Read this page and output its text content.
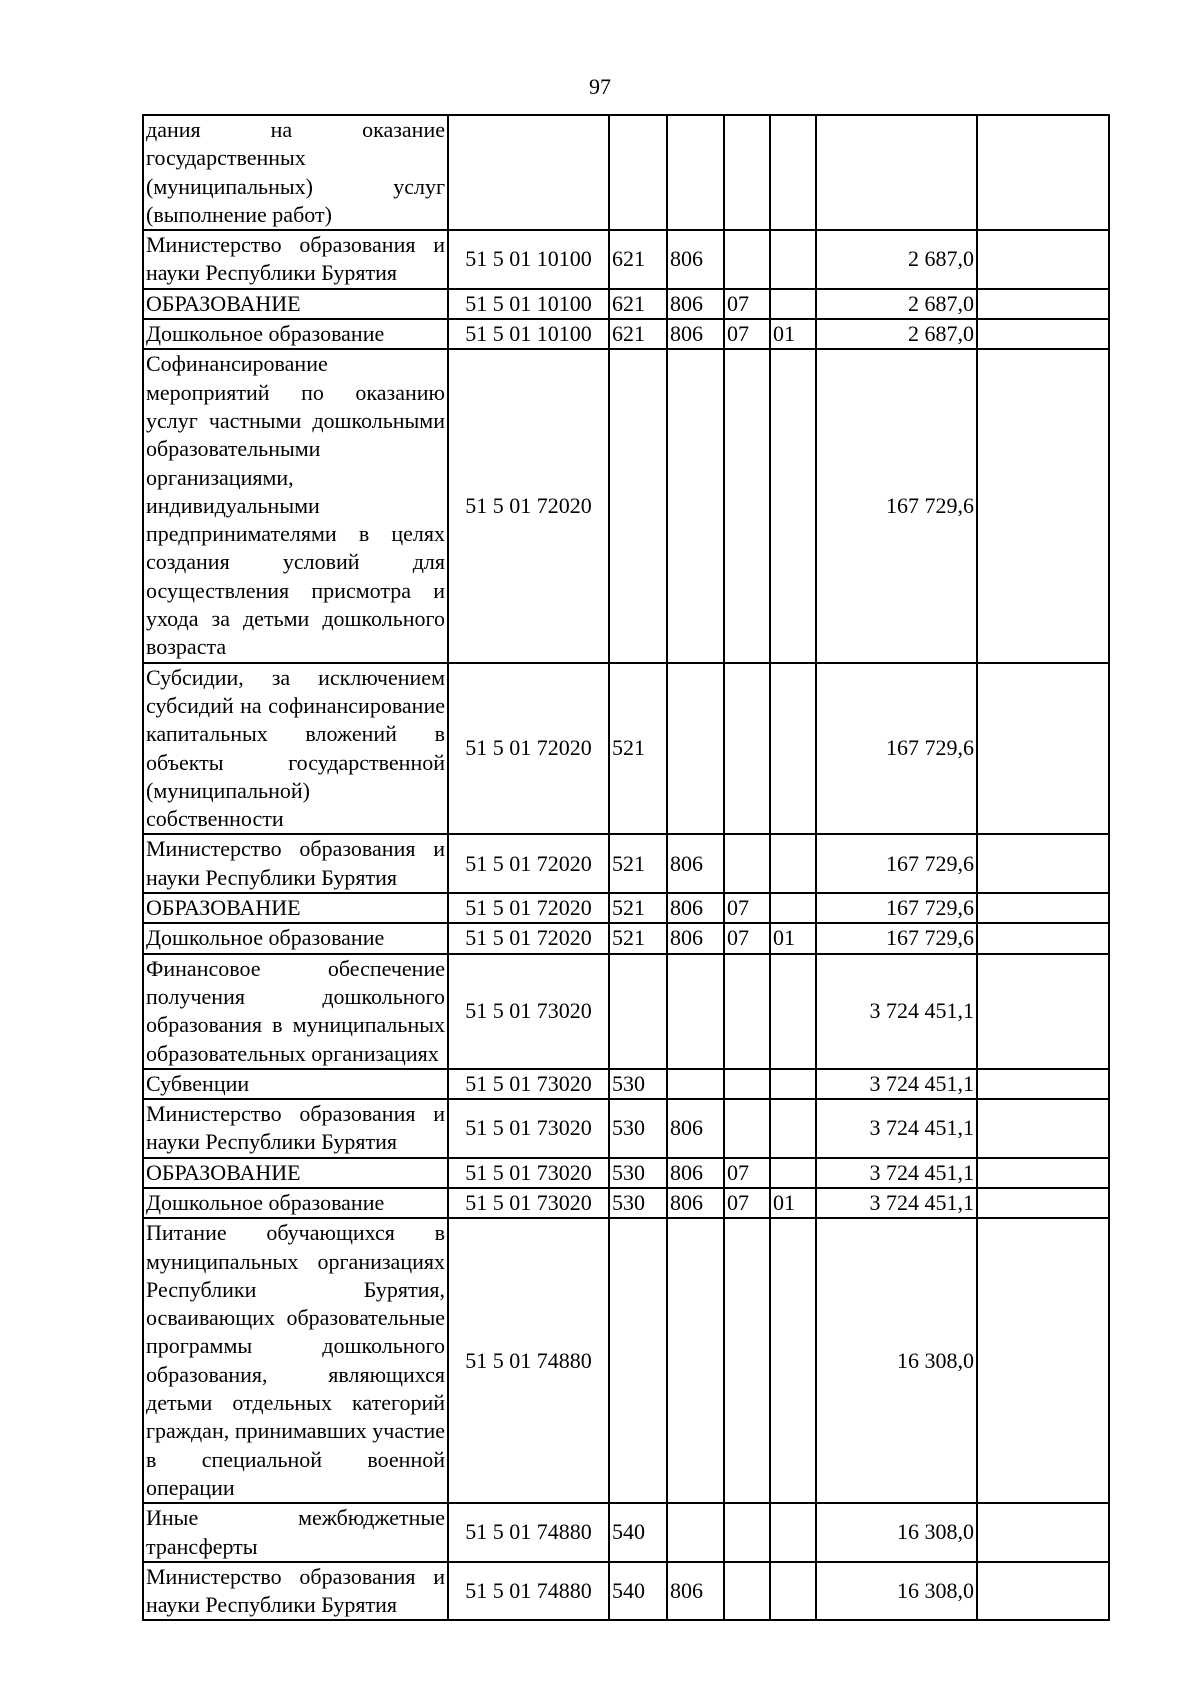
97
дания на оказание государственных (муниципальных) услуг (выполнение работ)							
Министерство образования и науки Республики Бурятия	51 5 01 10100	621	806			2 687,0	
ОБРАЗОВАНИЕ	51 5 01 10100	621	806	07		2 687,0	
Дошкольное образование	51 5 01 10100	621	806	07	01	2 687,0	
Софинансирование мероприятий по оказанию услуг частными дошкольными образовательными организациями, индивидуальными предпринимателями в целях создания условий для осуществления присмотра и ухода за детьми дошкольного возраста	51 5 01 72020					167 729,6	
Субсидии, за исключением субсидий на софинансирование капитальных вложений в объекты государственной (муниципальной) собственности	51 5 01 72020	521				167 729,6	
Министерство образования и науки Республики Бурятия	51 5 01 72020	521	806			167 729,6	
ОБРАЗОВАНИЕ	51 5 01 72020	521	806	07		167 729,6	
Дошкольное образование	51 5 01 72020	521	806	07	01	167 729,6	
Финансовое обеспечение получения дошкольного образования в муниципальных образовательных организациях	51 5 01 73020					3 724 451,1	
Субвенции	51 5 01 73020	530				3 724 451,1	
Министерство образования и науки Республики Бурятия	51 5 01 73020	530	806			3 724 451,1	
ОБРАЗОВАНИЕ	51 5 01 73020	530	806	07		3 724 451,1	
Дошкольное образование	51 5 01 73020	530	806	07	01	3 724 451,1	
Питание обучающихся в муниципальных организациях Республики Бурятия, осваивающих образовательные программы дошкольного образования, являющихся детьми отдельных категорий граждан, принимавших участие в специальной военной операции	51 5 01 74880					16 308,0	
Иные межбюджетные трансферты	51 5 01 74880	540				16 308,0	
Министерство образования и науки Республики Бурятия	51 5 01 74880	540	806			16 308,0	
